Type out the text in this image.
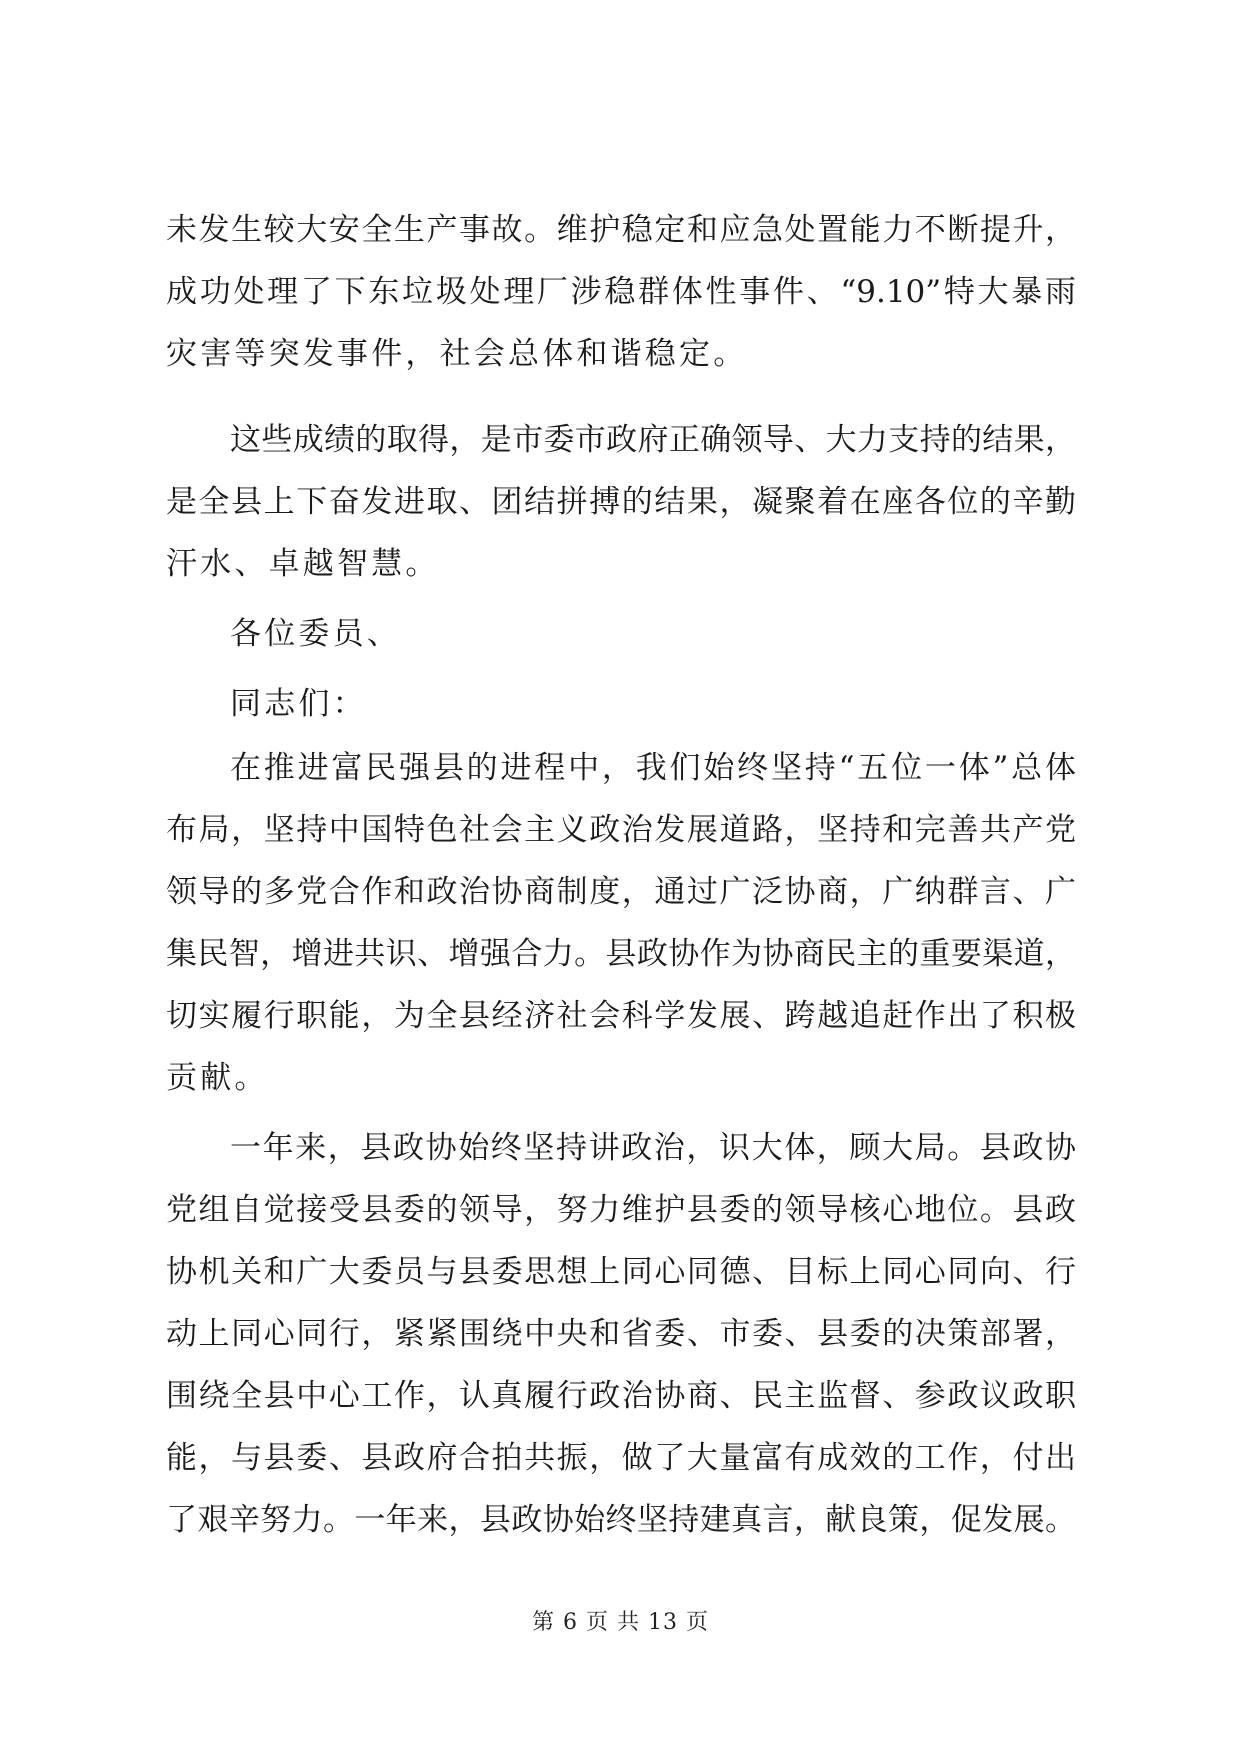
未发生较大安全生产事故。维护稳定和应急处置能力不断提升，
成功处理了下东垃圾处理厂涉稳群体性事件、“9.10”特大暴雨
灾害等突发事件，社会总体和谐稳定。
这些成绩的取得，是市委市政府正确领导、大力支持的结果，
是全县上下奋发进取、团结拼搏的结果，凝聚着在座各位的辛勤
汗水、卓越智慧。
各位委员、
同志们：
在推进富民强县的进程中，我们始终坚持“五位一体”总体
布局，坚持中国特色社会主义政治发展道路，坚持和完善共产党
领导的多党合作和政治协商制度，通过广泛协商，广纳群言、广
集民智，增进共识、增强合力。县政协作为协商民主的重要渠道，
切实履行职能，为全县经济社会科学发展、跨越追赶作出了积极
贡献。
一年来，县政协始终坚持讲政治，识大体，顾大局。县政协
党组自觉接受县委的领导，努力维护县委的领导核心地位。县政
协机关和广大委员与县委思想上同心同德、目标上同心同向、行
动上同心同行，紧紧围绕中央和省委、市委、县委的决策部署，
围绕全县中心工作，认真履行政治协商、民主监督、参政议政职
能，与县委、县政府合拍共振，做了大量富有成效的工作，付出
了艰辛努力。一年来，县政协始终坚持建真言，献良策，促发展。
第 6 页 共 13 页
